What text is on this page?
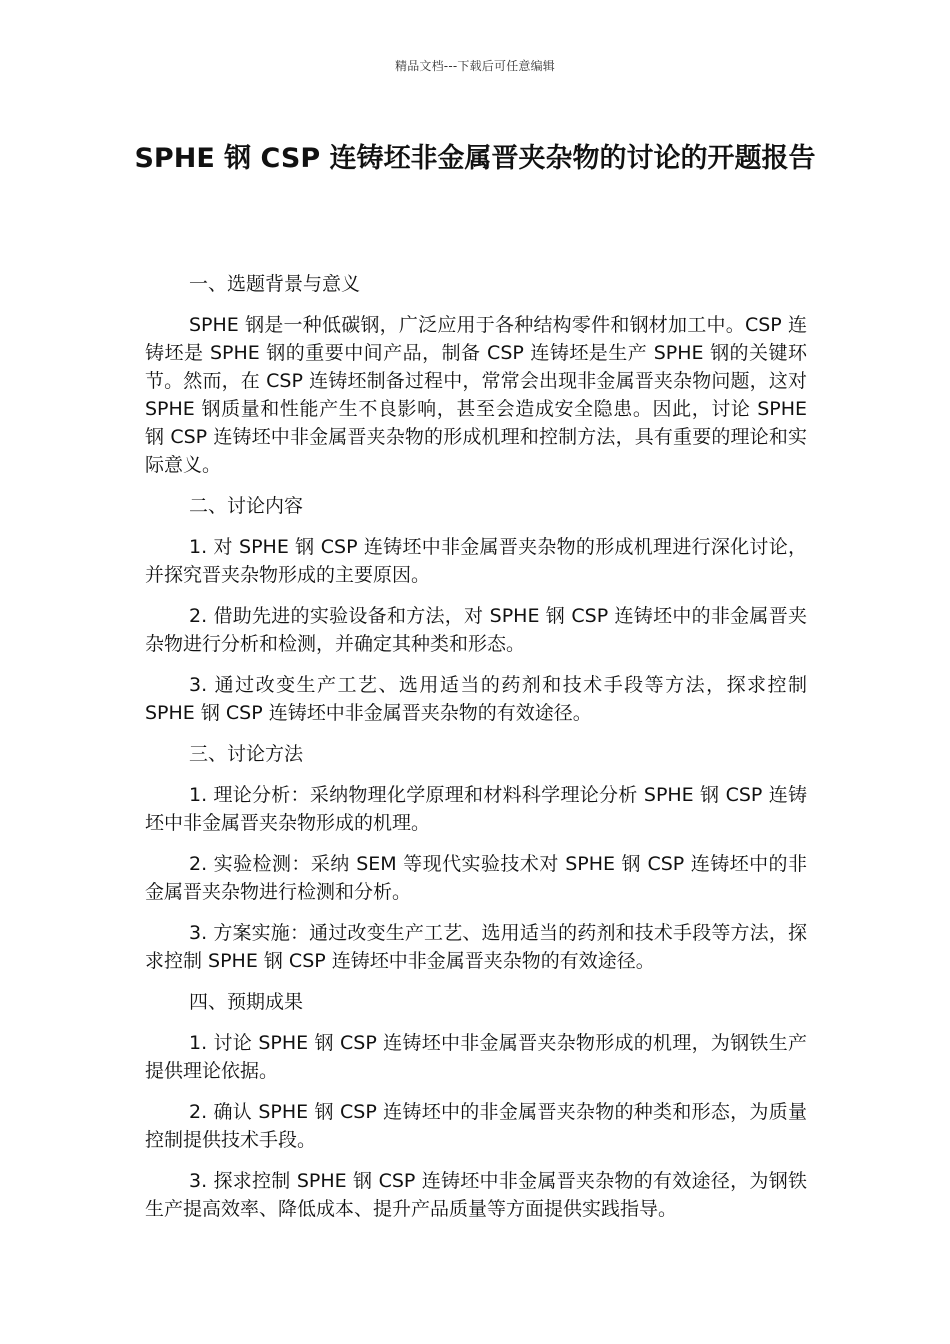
精品文档---下载后可任意编辑
SPHE 钢 CSP 连铸坯非金属晋夹杂物的讨论的开题报告

一、选题背景与意义

SPHE 钢是一种低碳钢，广泛应用于各种结构零件和钢材加工中。CSP 连铸坯是 SPHE 钢的重要中间产品，制备 CSP 连铸坯是生产 SPHE 钢的关键环节。然而，在 CSP 连铸坯制备过程中，常常会出现非金属晋夹杂物问题，这对 SPHE 钢质量和性能产生不良影响，甚至会造成安全隐患。因此，讨论 SPHE 钢 CSP 连铸坯中非金属晋夹杂物的形成机理和控制方法，具有重要的理论和实际意义。

二、讨论内容

1. 对 SPHE 钢 CSP 连铸坯中非金属晋夹杂物的形成机理进行深化讨论，并探究晋夹杂物形成的主要原因。

2. 借助先进的实验设备和方法，对 SPHE 钢 CSP 连铸坯中的非金属晋夹杂物进行分析和检测，并确定其种类和形态。

3. 通过改变生产工艺、选用适当的药剂和技术手段等方法，探求控制 SPHE 钢 CSP 连铸坯中非金属晋夹杂物的有效途径。

三、讨论方法

1. 理论分析：采纳物理化学原理和材料科学理论分析 SPHE 钢 CSP 连铸坯中非金属晋夹杂物形成的机理。

2. 实验检测：采纳 SEM 等现代实验技术对 SPHE 钢 CSP 连铸坯中的非金属晋夹杂物进行检测和分析。

3. 方案实施：通过改变生产工艺、选用适当的药剂和技术手段等方法，探求控制 SPHE 钢 CSP 连铸坯中非金属晋夹杂物的有效途径。

四、预期成果

1. 讨论 SPHE 钢 CSP 连铸坯中非金属晋夹杂物形成的机理，为钢铁生产提供理论依据。

2. 确认 SPHE 钢 CSP 连铸坯中的非金属晋夹杂物的种类和形态，为质量控制提供技术手段。

3. 探求控制 SPHE 钢 CSP 连铸坯中非金属晋夹杂物的有效途径，为钢铁生产提高效率、降低成本、提升产品质量等方面提供实践指导。
